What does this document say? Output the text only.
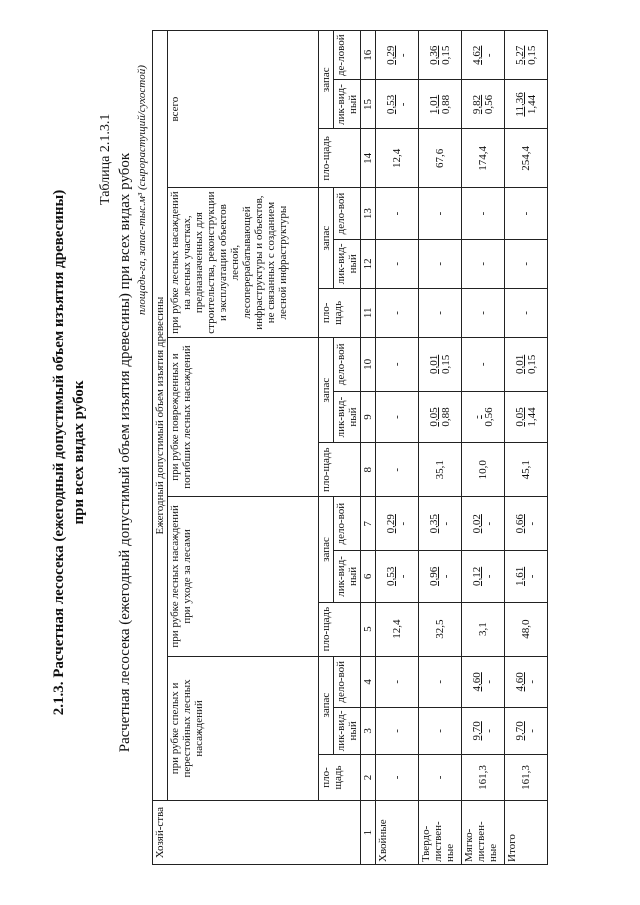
2.1.3. Расчетная лесосека (ежегодный допустимый объем изъятия древесины) при всех видах рубок
Таблица 2.1.3.1 Расчетная лесосека (ежегодный допустимый объем изъятия древесины) при всех видах рубок площадь-га, запас-тыс.м³ (сырорастущий/сухостой)
Хозяй-ства	Ежегодный допустимый объем изъятия древесины														
	при рубке спелых и перестойных лесных насаждений			при рубке лесных насаждений при уходе за лесами			при рубке поврежденных и погибших лесных насаждений			при рубке лесных насаждений на лесных участках, предназначенных для строительства, реконструкции и эксплуатации объектов лесной, лесоперерабатывающей инфраструктуры и объектов, не связанных с созданием лесной инфраструктуры			всего		
	пло-щадь	запас		пло-щадь	запас		пло-щадь	запас		пло-щадь	запас		пло-щадь	запас	
		лик-вид-ный	дело-вой		лик-вид-ный	дело-вой		лик-вид-ный	дело-вой		лик-вид-ный	дело-вой		лик-вид-ный	де-ловой
1	2	3	4	5	6	7	8	9	10	11	12	13	14	15	16
Хвойные	-	-	-	12,4	0,53 -	0,29 -	-	-	-	-	-	-	12,4	0,53 -	0,29 -

Твердо-листвен-ные	-	-	-	32,5	0,96 -	0,35 -	35,1	0,05 0,88	0,01 0,15	-	-	-	67,6	1,01 0,88	0,36 0,15

Мягко-листвен-ные	161,3	9,70 -	4,60 -	3,1	0,12 -	0,02 -	10,0	- 0,56	-	-	-	-	174,4	9,82 0,56	4,62 -

Итого	161,3	9,70 -	4,60 -	48,0	1,61 -	0,66 -	45,1	0,05 1,44	0,01 0,15	-	-	-	254,4	11,36 1,44	5,27 0,15
